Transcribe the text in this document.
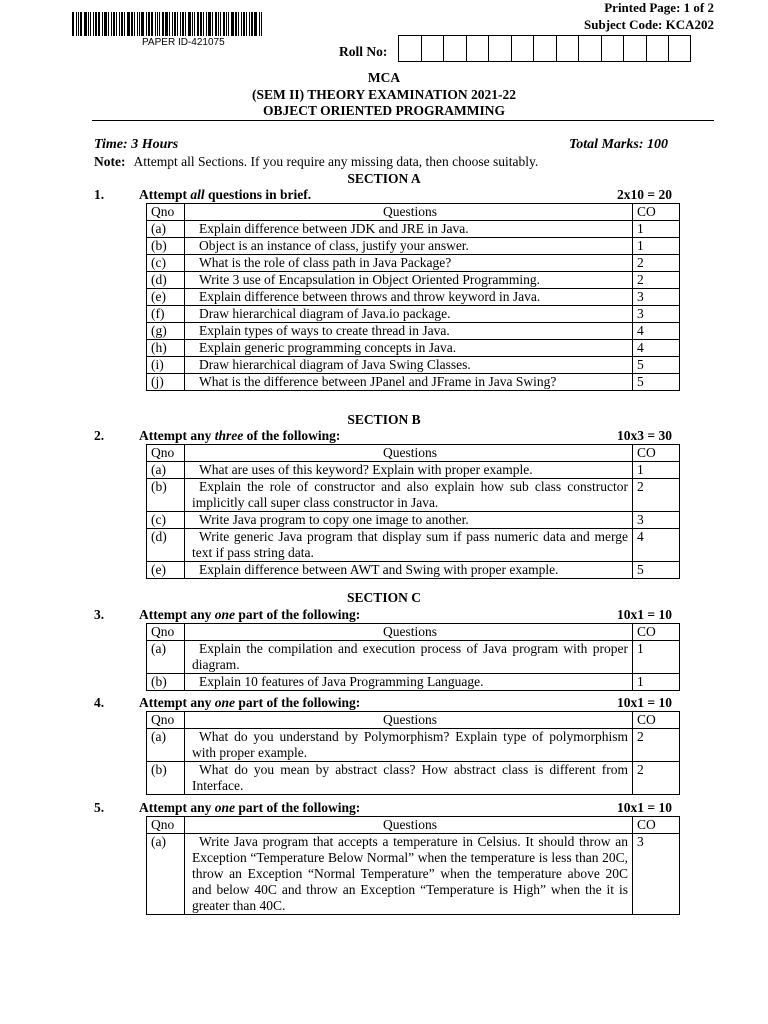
PAPER ID-421075
Printed Page: 1 of 2
Subject Code: KCA202
Roll No:
MCA
(SEM II) THEORY EXAMINATION 2021-22
OBJECT ORIENTED PROGRAMMING
Time: 3 Hours	Total Marks: 100
Note: Attempt all Sections. If you require any missing data, then choose suitably.
SECTION A
1.	Attempt all questions in brief.	2x10 = 20
Qno	Questions	CO
(a)	Explain difference between JDK and JRE in Java.	1
(b)	Object is an instance of class, justify your answer.	1
(c)	What is the role of class path in Java Package?	2
(d)	Write 3 use of Encapsulation in Object Oriented Programming.	2
(e)	Explain difference between throws and throw keyword in Java.	3
(f)	Draw hierarchical diagram of Java.io package.	3
(g)	Explain types of ways to create thread in Java.	4
(h)	Explain generic programming concepts in Java.	4
(i)	Draw hierarchical diagram of Java Swing Classes.	5
(j)	What is the difference between JPanel and JFrame in Java Swing?	5
SECTION B
2.	Attempt any three of the following:	10x3 = 30
Qno	Questions	CO
(a)	What are uses of this keyword? Explain with proper example.	1
(b)	Explain the role of constructor and also explain how sub class constructor implicitly call super class constructor in Java.	2
(c)	Write Java program to copy one image to another.	3
(d)	Write generic Java program that display sum if pass numeric data and merge text if pass string data.	4
(e)	Explain difference between AWT and Swing with proper example.	5
SECTION C
3.	Attempt any one part of the following:	10x1 = 10
Qno	Questions	CO
(a)	Explain the compilation and execution process of Java program with proper diagram.	1
(b)	Explain 10 features of Java Programming Language.	1
4.	Attempt any one part of the following:	10x1 = 10
Qno	Questions	CO
(a)	What do you understand by Polymorphism? Explain type of polymorphism with proper example.	2
(b)	What do you mean by abstract class? How abstract class is different from Interface.	2
5.	Attempt any one part of the following:	10x1 = 10
Qno	Questions	CO
(a)	Write Java program that accepts a temperature in Celsius. It should throw an Exception “Temperature Below Normal” when the temperature is less than 20C, throw an Exception “Normal Temperature” when the temperature above 20C and below 40C and throw an Exception “Temperature is High” when the it is greater than 40C.	3
